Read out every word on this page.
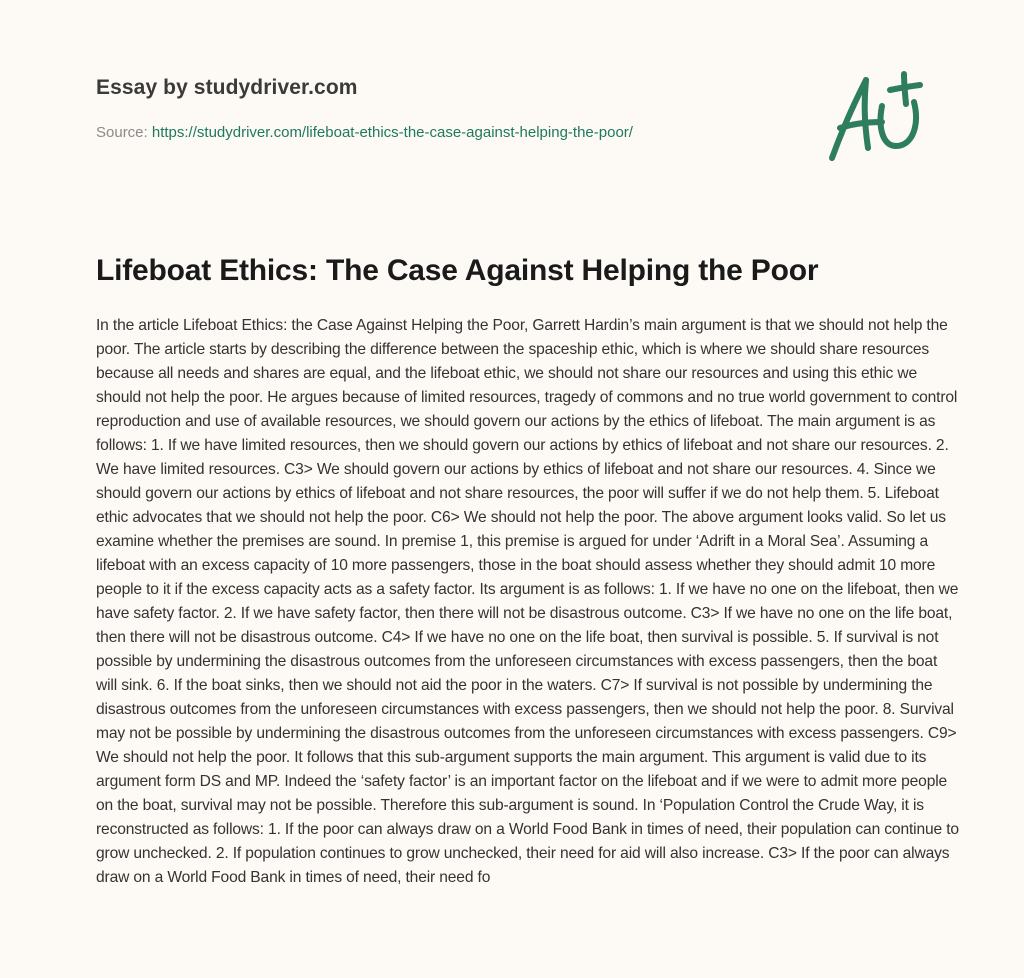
Essay by studydriver.com
Source: https://studydriver.com/lifeboat-ethics-the-case-against-helping-the-poor/
Lifeboat Ethics: The Case Against Helping the Poor

In the article Lifeboat Ethics: the Case Against Helping the Poor, Garrett Hardin’s main argument is that we should not help the poor. The article starts by describing the difference between the spaceship ethic, which is where we should share resources because all needs and shares are equal, and the lifeboat ethic, we should not share our resources and using this ethic we should not help the poor. He argues because of limited resources, tragedy of commons and no true world government to control reproduction and use of available resources, we should govern our actions by the ethics of lifeboat. The main argument is as follows: 1. If we have limited resources, then we should govern our actions by ethics of lifeboat and not share our resources. 2. We have limited resources. C3> We should govern our actions by ethics of lifeboat and not share our resources. 4. Since we should govern our actions by ethics of lifeboat and not share resources, the poor will suffer if we do not help them. 5. Lifeboat ethic advocates that we should not help the poor. C6> We should not help the poor. The above argument looks valid. So let us examine whether the premises are sound. In premise 1, this premise is argued for under ‘Adrift in a Moral Sea’. Assuming a lifeboat with an excess capacity of 10 more passengers, those in the boat should assess whether they should admit 10 more people to it if the excess capacity acts as a safety factor. Its argument is as follows: 1. If we have no one on the lifeboat, then we have safety factor. 2. If we have safety factor, then there will not be disastrous outcome. C3> If we have no one on the life boat, then there will not be disastrous outcome. C4> If we have no one on the life boat, then survival is possible. 5. If survival is not possible by undermining the disastrous outcomes from the unforeseen circumstances with excess passengers, then the boat will sink. 6. If the boat sinks, then we should not aid the poor in the waters. C7> If survival is not possible by undermining the disastrous outcomes from the unforeseen circumstances with excess passengers, then we should not help the poor. 8. Survival may not be possible by undermining the disastrous outcomes from the unforeseen circumstances with excess passengers. C9> We should not help the poor. It follows that this sub-argument supports the main argument. This argument is valid due to its argument form DS and MP. Indeed the ‘safety factor’ is an important factor on the lifeboat and if we were to admit more people on the boat, survival may not be possible. Therefore this sub-argument is sound. In ‘Population Control the Crude Way, it is reconstructed as follows: 1. If the poor can always draw on a World Food Bank in times of need, their population can continue to grow unchecked. 2. If population continues to grow unchecked, their need for aid will also increase. C3> If the poor can always draw on a World Food Bank in times of need, their need fo
